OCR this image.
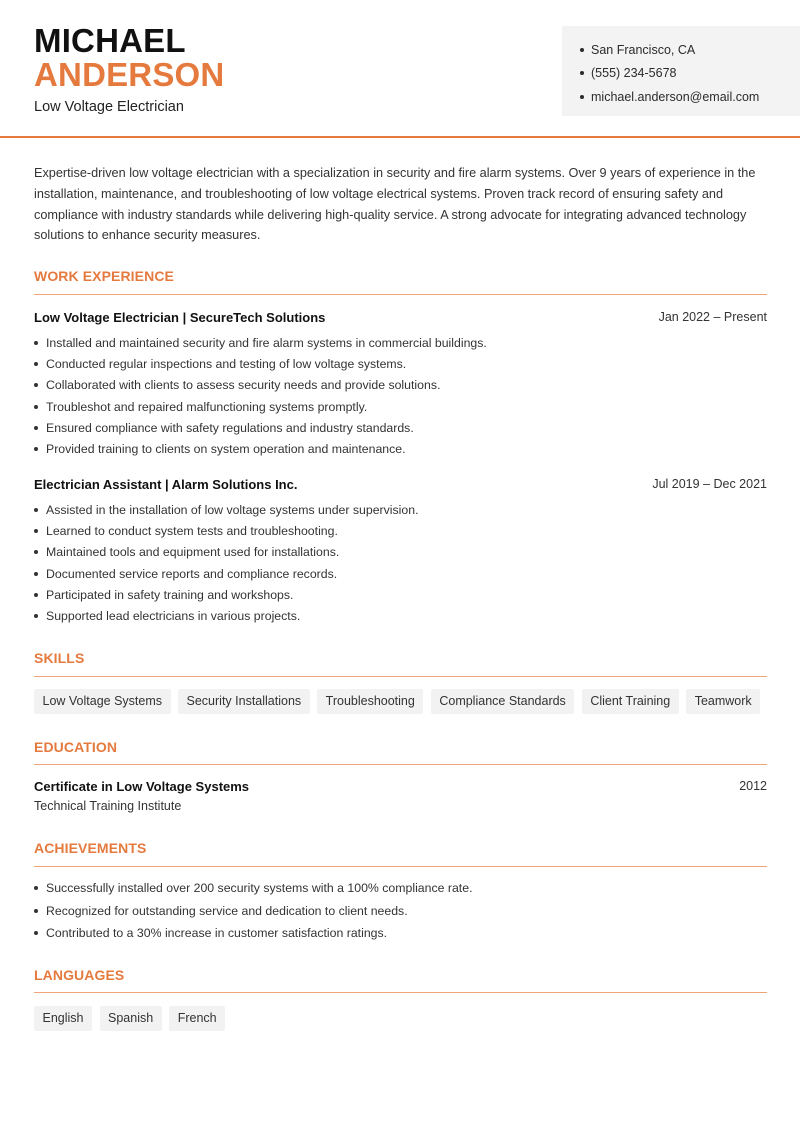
MICHAEL
ANDERSON
Low Voltage Electrician
San Francisco, CA
(555) 234-5678
michael.anderson@email.com

Expertise-driven low voltage electrician with a specialization in security and fire alarm systems. Over 9 years of experience in the installation, maintenance, and troubleshooting of low voltage electrical systems. Proven track record of ensuring safety and compliance with industry standards while delivering high-quality service. A strong advocate for integrating advanced technology solutions to enhance security measures.

WORK EXPERIENCE
Low Voltage Electrician | SecureTech Solutions	Jan 2022 – Present
Installed and maintained security and fire alarm systems in commercial buildings.
Conducted regular inspections and testing of low voltage systems.
Collaborated with clients to assess security needs and provide solutions.
Troubleshot and repaired malfunctioning systems promptly.
Ensured compliance with safety regulations and industry standards.
Provided training to clients on system operation and maintenance.
Electrician Assistant | Alarm Solutions Inc.	Jul 2019 – Dec 2021
Assisted in the installation of low voltage systems under supervision.
Learned to conduct system tests and troubleshooting.
Maintained tools and equipment used for installations.
Documented service reports and compliance records.
Participated in safety training and workshops.
Supported lead electricians in various projects.
SKILLS
Low Voltage Systems	Security Installations	Troubleshooting	Compliance Standards	Client Training	Teamwork
EDUCATION
Certificate in Low Voltage Systems	2012
Technical Training Institute
ACHIEVEMENTS
Successfully installed over 200 security systems with a 100% compliance rate.
Recognized for outstanding service and dedication to client needs.
Contributed to a 30% increase in customer satisfaction ratings.
LANGUAGES
English	Spanish	French
